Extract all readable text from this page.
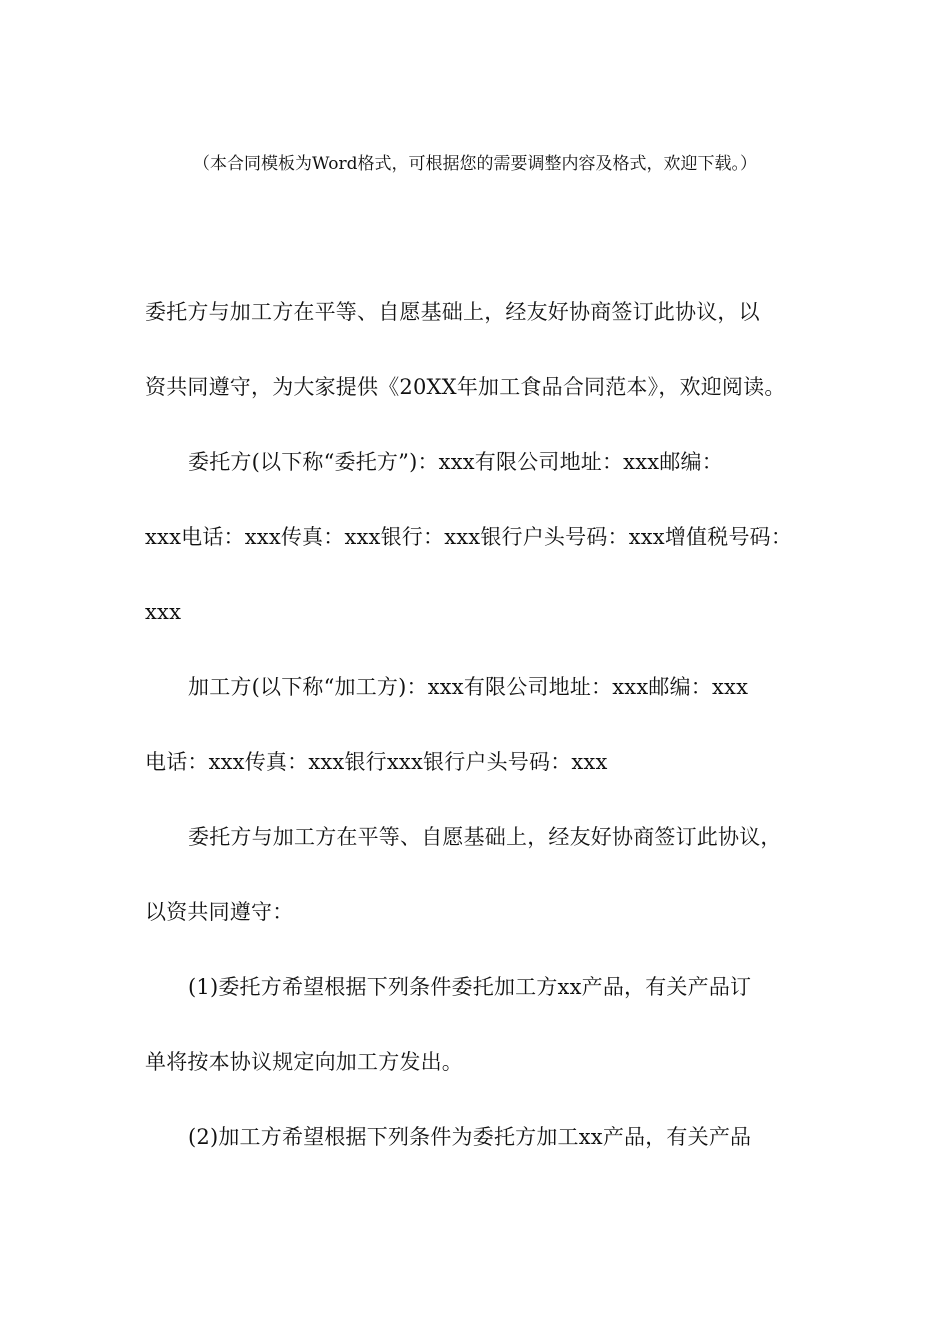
（本合同模板为Word格式，可根据您的需要调整内容及格式，欢迎下载。）
委托方与加工方在平等、自愿基础上，经友好协商签订此协议，以
资共同遵守，为大家提供《20XX年加工食品合同范本》，欢迎阅读。
委托方(以下称“委托方”)：xxx有限公司地址：xxx邮编：
xxx电话：xxx传真：xxx银行：xxx银行户头号码：xxx增值税号码：
xxx
加工方(以下称“加工方)：xxx有限公司地址：xxx邮编：xxx
电话：xxx传真：xxx银行xxx银行户头号码：xxx
委托方与加工方在平等、自愿基础上，经友好协商签订此协议，
以资共同遵守：
(1)委托方希望根据下列条件委托加工方xx产品，有关产品订
单将按本协议规定向加工方发出。
(2)加工方希望根据下列条件为委托方加工xx产品，有关产品
